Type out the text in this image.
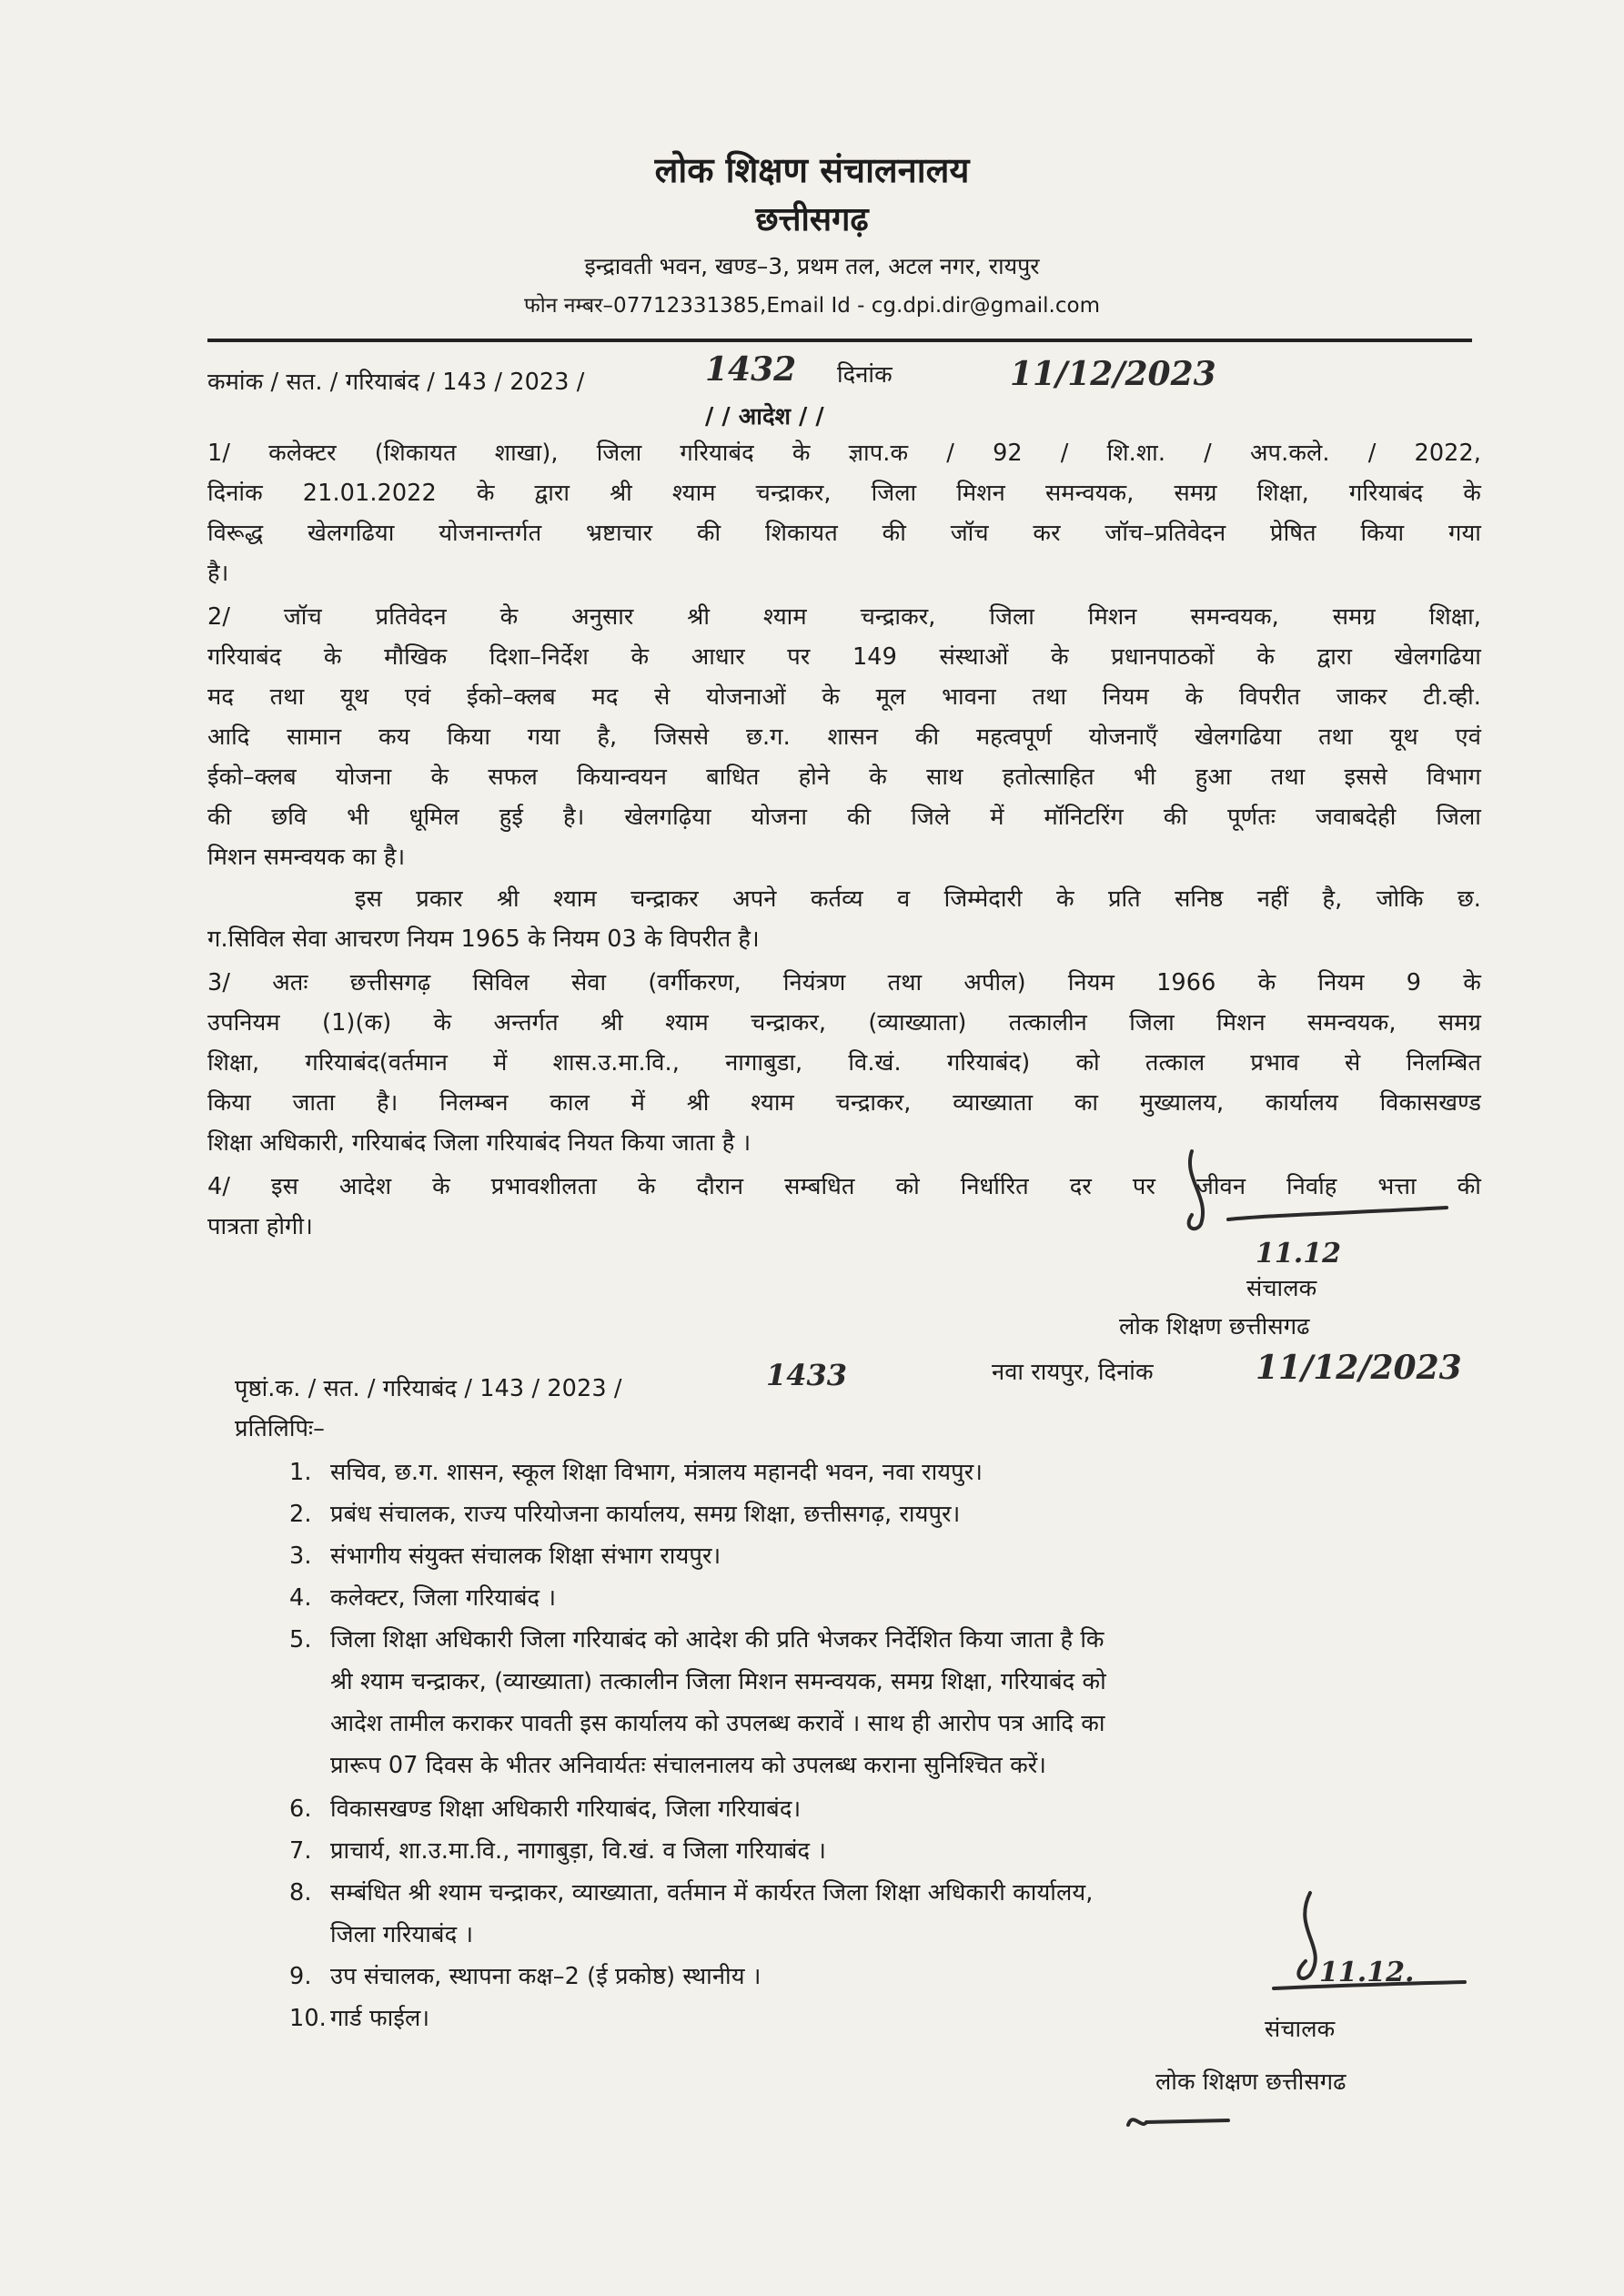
लोक शिक्षण संचालनालय
छत्तीसगढ़
इन्द्रावती भवन, खण्ड–3, प्रथम तल, अटल नगर, रायपुर
फोन नम्बर–07712331385,Email Id - cg.dpi.dir@gmail.com
कमांक / सत. / गरियाबंद / 143 / 2023 /	1432 दिनांक	11/12/2023
/ / आदेश / /
1/ कलेक्टर (शिकायत शाखा), जिला गरियाबंद के ज्ञाप.क / 92 / शि.शा. / अप.कले. / 2022,
दिनांक 21.01.2022 के द्वारा श्री श्याम चन्द्राकर, जिला मिशन समन्वयक, समग्र शिक्षा, गरियाबंद के
विरूद्ध खेलगढिया योजनान्तर्गत भ्रष्टाचार की शिकायत की जॉच कर जॉच–प्रतिवेदन प्रेषित किया गया
है।
2/ जॉच प्रतिवेदन के अनुसार श्री श्याम चन्द्राकर, जिला मिशन समन्वयक, समग्र शिक्षा,
गरियाबंद के मौखिक दिशा–निर्देश के आधार पर 149 संस्थाओं के प्रधानपाठकों के द्वारा खेलगढिया
मद तथा यूथ एवं ईको–क्लब मद से योजनाओं के मूल भावना तथा नियम के विपरीत जाकर टी.व्ही.
आदि सामान कय किया गया है, जिससे छ.ग. शासन की महत्वपूर्ण योजनाएँ खेलगढिया तथा यूथ एवं
ईको–क्लब योजना के सफल कियान्वयन बाधित होने के साथ हतोत्साहित भी हुआ तथा इससे विभाग
की छवि भी धूमिल हुई है। खेलगढ़िया योजना की जिले में मॉनिटरिंग की पूर्णतः जवाबदेही जिला
मिशन समन्वयक का है।
इस प्रकार श्री श्याम चन्द्राकर अपने कर्तव्य व जिम्मेदारी के प्रति सनिष्ठ नहीं है, जोकि छ.
ग.सिविल सेवा आचरण नियम 1965 के नियम 03 के विपरीत है।
3/ अतः छत्तीसगढ़ सिविल सेवा (वर्गीकरण, नियंत्रण तथा अपील) नियम 1966 के नियम 9 के
उपनियम (1)(क) के अन्तर्गत श्री श्याम चन्द्राकर, (व्याख्याता) तत्कालीन जिला मिशन समन्वयक, समग्र
शिक्षा, गरियाबंद(वर्तमान में शास.उ.मा.वि., नागाबुडा, वि.खं. गरियाबंद) को तत्काल प्रभाव से निलम्बित
किया जाता है। निलम्बन काल में श्री श्याम चन्द्राकर, व्याख्याता का मुख्यालय, कार्यालय विकासखण्ड
शिक्षा अधिकारी, गरियाबंद जिला गरियाबंद नियत किया जाता है ।
4/ इस आदेश के प्रभावशीलता के दौरान सम्बधित को निर्धारित दर पर जीवन निर्वाह भत्ता की
पात्रता होगी।
11.12
संचालक
लोक शिक्षण छत्तीसगढ
पृष्ठां.क. / सत. / गरियाबंद / 143 / 2023 /	1433	नवा रायपुर, दिनांक	11/12/2023
प्रतिलिपिः–
1. सचिव, छ.ग. शासन, स्कूल शिक्षा विभाग, मंत्रालय महानदी भवन, नवा रायपुर।
2. प्रबंध संचालक, राज्य परियोजना कार्यालय, समग्र शिक्षा, छत्तीसगढ़, रायपुर।
3. संभागीय संयुक्त संचालक शिक्षा संभाग रायपुर।
4. कलेक्टर, जिला गरियाबंद ।
5. जिला शिक्षा अधिकारी जिला गरियाबंद को आदेश की प्रति भेजकर निर्देशित किया जाता है कि
श्री श्याम चन्द्राकर, (व्याख्याता) तत्कालीन जिला मिशन समन्वयक, समग्र शिक्षा, गरियाबंद को
आदेश तामील कराकर पावती इस कार्यालय को उपलब्ध करावें । साथ ही आरोप पत्र आदि का
प्रारूप 07 दिवस के भीतर अनिवार्यतः संचालनालय को उपलब्ध कराना सुनिश्चित करें।
6. विकासखण्ड शिक्षा अधिकारी गरियाबंद, जिला गरियाबंद।
7. प्राचार्य, शा.उ.मा.वि., नागाबुड़ा, वि.खं. व जिला गरियाबंद ।
8. सम्बंधित श्री श्याम चन्द्राकर, व्याख्याता, वर्तमान में कार्यरत जिला शिक्षा अधिकारी कार्यालय,
जिला गरियाबंद ।
9. उप संचालक, स्थापना कक्ष–2 (ई प्रकोष्ठ) स्थानीय ।
10. गार्ड फाईल।
11.12.
संचालक
लोक शिक्षण छत्तीसगढ
